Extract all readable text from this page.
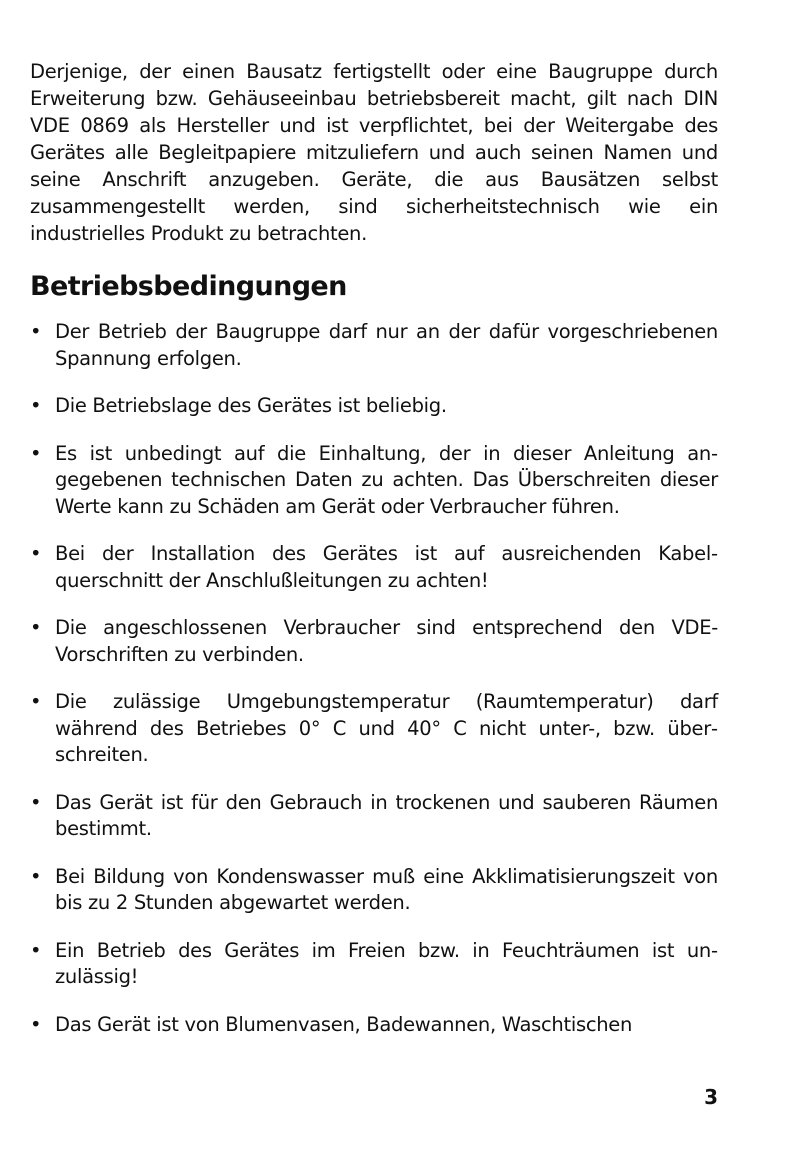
Derjenige, der einen Bausatz fertigstellt oder eine Baugruppe durch Erweiterung bzw. Gehäuseeinbau betriebsbereit macht, gilt nach DIN VDE 0869 als Hersteller und ist verpflichtet, bei der Weitergabe des Gerätes alle Begleitpapiere mitzuliefern und auch seinen Namen und seine Anschrift anzugeben. Geräte, die aus Bausätzen selbst zusammengestellt werden, sind sicherheitstechnisch wie ein industrielles Produkt zu betrachten.

Betriebsbedingungen
• Der Betrieb der Baugruppe darf nur an der dafür vorgeschriebenen Spannung erfolgen.
• Die Betriebslage des Gerätes ist beliebig.
• Es ist unbedingt auf die Einhaltung, der in dieser Anleitung angegebenen technischen Daten zu achten. Das Überschreiten dieser Werte kann zu Schäden am Gerät oder Verbraucher führen.
• Bei der Installation des Gerätes ist auf ausreichenden Kabelquerschnitt der Anschlußleitungen zu achten!
• Die angeschlossenen Verbraucher sind entsprechend den VDE-Vorschriften zu verbinden.
• Die zulässige Umgebungstemperatur (Raumtemperatur) darf während des Betriebes 0° C und 40° C nicht unter-, bzw. überschreiten.
• Das Gerät ist für den Gebrauch in trockenen und sauberen Räumen bestimmt.
• Bei Bildung von Kondenswasser muß eine Akklimatisierungszeit von bis zu 2 Stunden abgewartet werden.
• Ein Betrieb des Gerätes im Freien bzw. in Feuchträumen ist unzulässig!
• Das Gerät ist von Blumenvasen, Badewannen, Waschtischen
3
